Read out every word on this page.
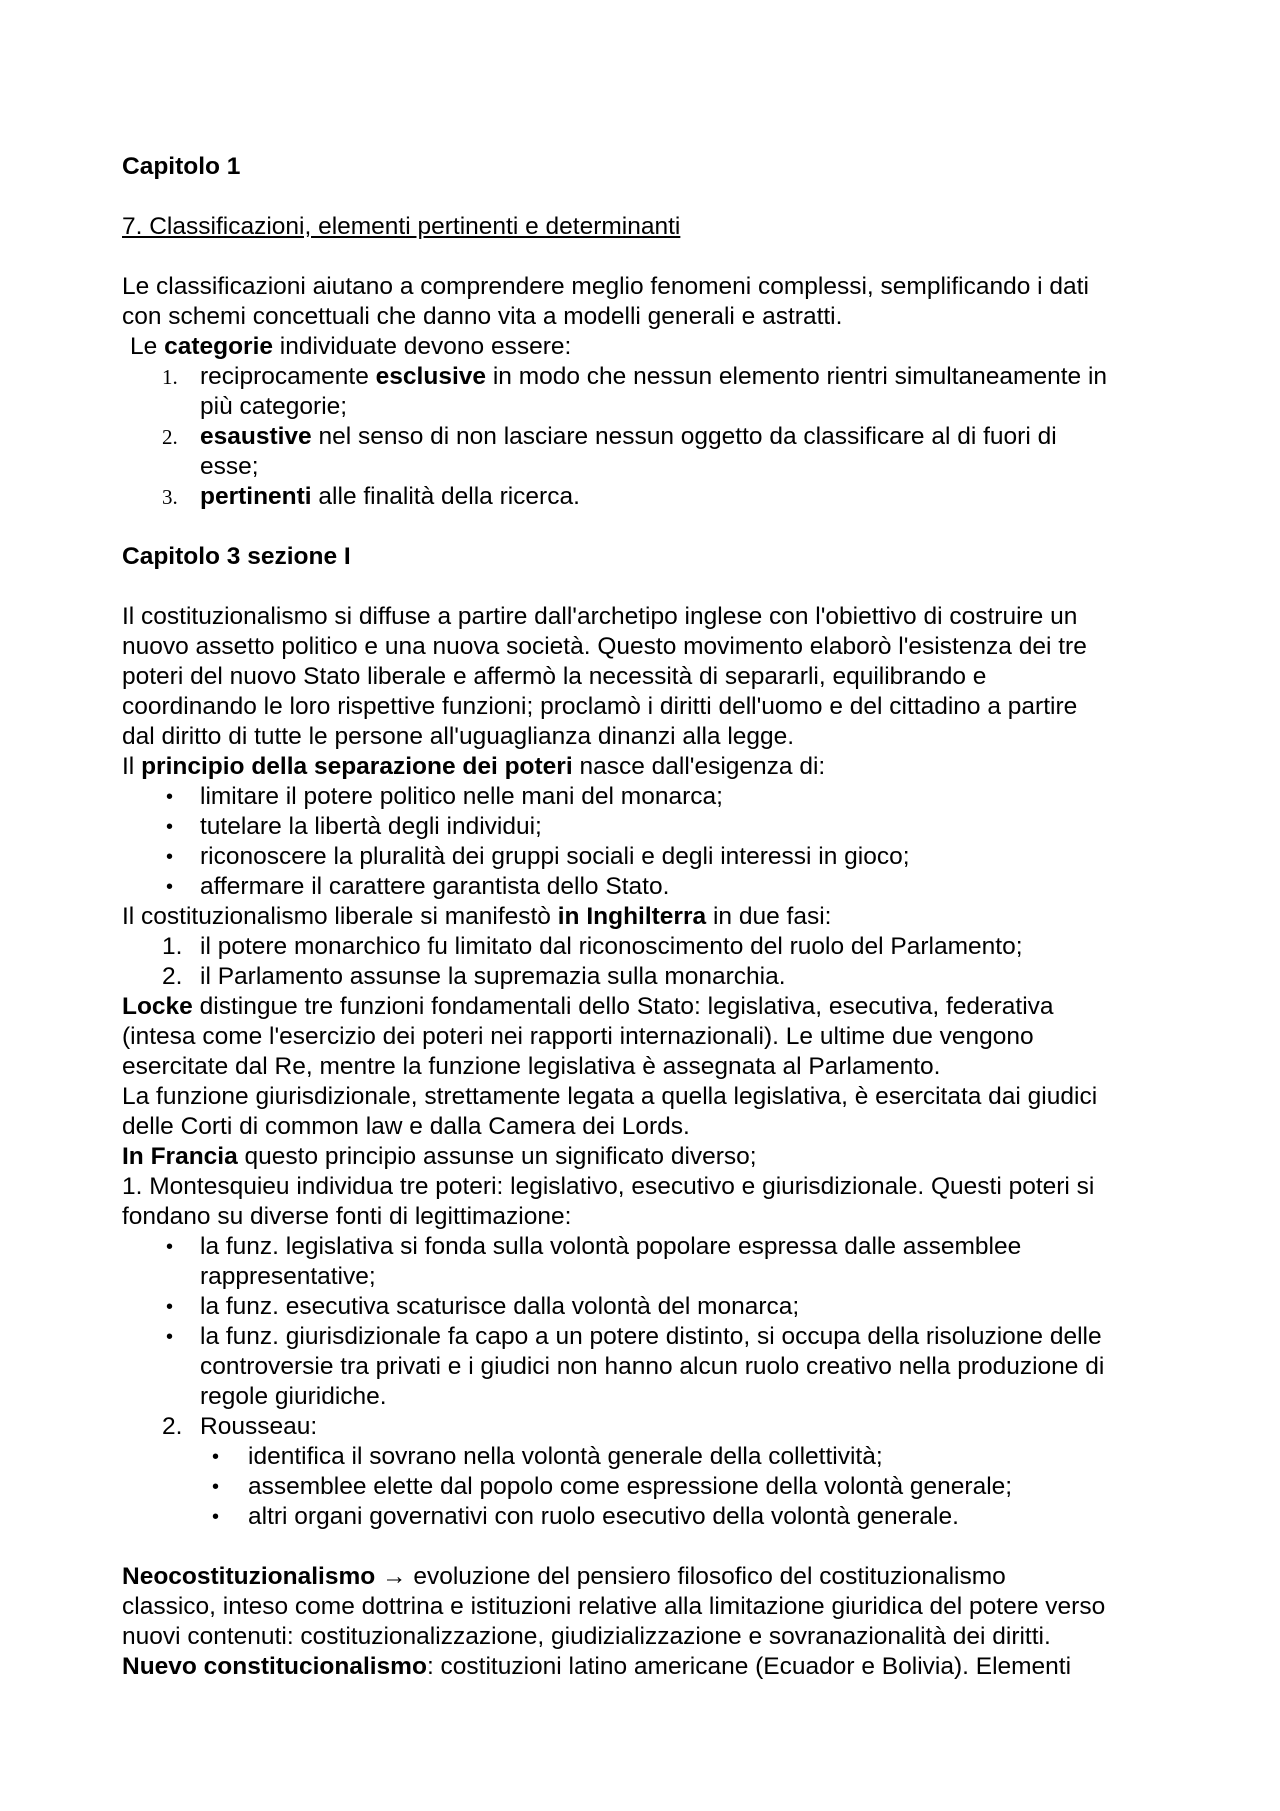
Capitolo 1
7. Classificazioni, elementi pertinenti e determinanti
Le classificazioni aiutano a comprendere meglio fenomeni complessi, semplificando i dati
con schemi concettuali che danno vita a modelli generali e astratti.
Le categorie individuate devono essere:
1. reciprocamente esclusive in modo che nessun elemento rientri simultaneamente in
più categorie;
2. esaustive nel senso di non lasciare nessun oggetto da classificare al di fuori di
esse;
3. pertinenti alle finalità della ricerca.
Capitolo 3 sezione I
Il costituzionalismo si diffuse a partire dall'archetipo inglese con l'obiettivo di costruire un
nuovo assetto politico e una nuova società. Questo movimento elaborò l'esistenza dei tre
poteri del nuovo Stato liberale e affermò la necessità di separarli, equilibrando e
coordinando le loro rispettive funzioni; proclamò i diritti dell'uomo e del cittadino a partire
dal diritto di tutte le persone all'uguaglianza dinanzi alla legge.
Il principio della separazione dei poteri nasce dall'esigenza di:
• limitare il potere politico nelle mani del monarca;
• tutelare la libertà degli individui;
• riconoscere la pluralità dei gruppi sociali e degli interessi in gioco;
• affermare il carattere garantista dello Stato.
Il costituzionalismo liberale si manifestò in Inghilterra in due fasi:
1. il potere monarchico fu limitato dal riconoscimento del ruolo del Parlamento;
2. il Parlamento assunse la supremazia sulla monarchia.
Locke distingue tre funzioni fondamentali dello Stato: legislativa, esecutiva, federativa
(intesa come l'esercizio dei poteri nei rapporti internazionali). Le ultime due vengono
esercitate dal Re, mentre la funzione legislativa è assegnata al Parlamento.
La funzione giurisdizionale, strettamente legata a quella legislativa, è esercitata dai giudici
delle Corti di common law e dalla Camera dei Lords.
In Francia questo principio assunse un significato diverso;
1. Montesquieu individua tre poteri: legislativo, esecutivo e giurisdizionale. Questi poteri si
fondano su diverse fonti di legittimazione:
• la funz. legislativa si fonda sulla volontà popolare espressa dalle assemblee
rappresentative;
• la funz. esecutiva scaturisce dalla volontà del monarca;
• la funz. giurisdizionale fa capo a un potere distinto, si occupa della risoluzione delle
controversie tra privati e i giudici non hanno alcun ruolo creativo nella produzione di
regole giuridiche.
2. Rousseau:
• identifica il sovrano nella volontà generale della collettività;
• assemblee elette dal popolo come espressione della volontà generale;
• altri organi governativi con ruolo esecutivo della volontà generale.
Neocostituzionalismo → evoluzione del pensiero filosofico del costituzionalismo
classico, inteso come dottrina e istituzioni relative alla limitazione giuridica del potere verso
nuovi contenuti: costituzionalizzazione, giudizializzazione e sovranazionalità dei diritti.
Nuevo constitucionalismo: costituzioni latino americane (Ecuador e Bolivia). Elementi
